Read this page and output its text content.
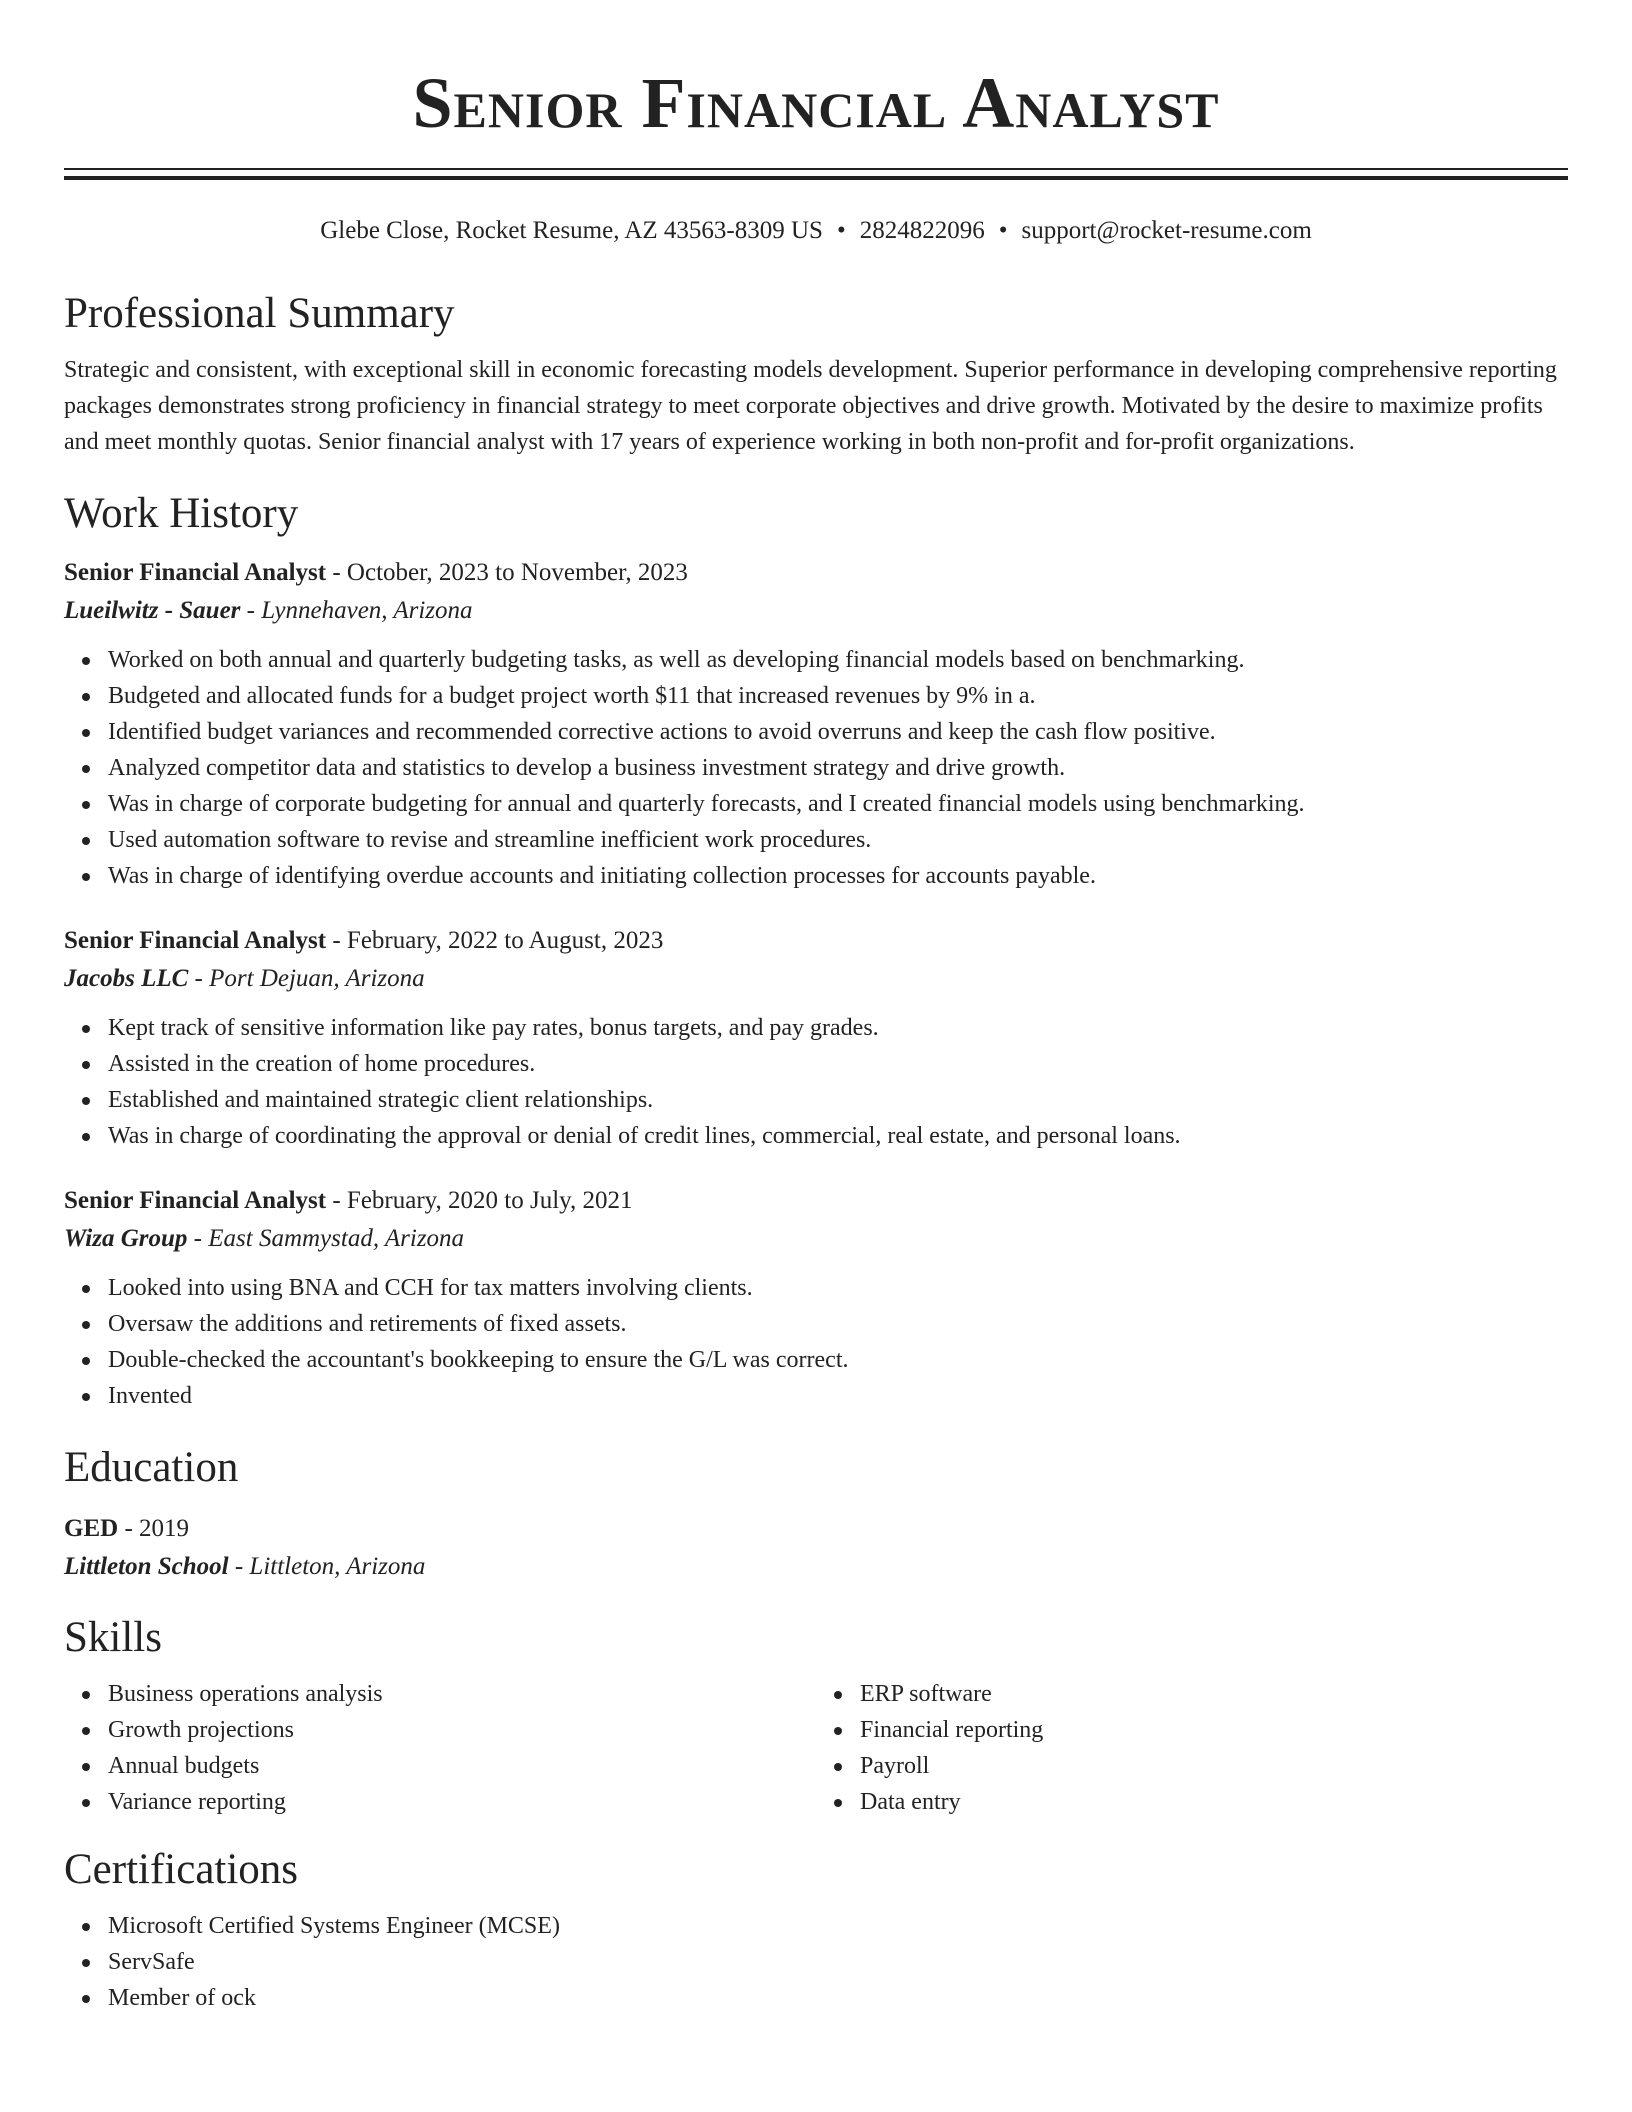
Senior Financial Analyst
Glebe Close, Rocket Resume, AZ 43563-8309 US • 2824822096 • support@rocket-resume.com
Professional Summary

Strategic and consistent, with exceptional skill in economic forecasting models development. Superior performance in developing comprehensive reporting packages demonstrates strong proficiency in financial strategy to meet corporate objectives and drive growth. Motivated by the desire to maximize profits and meet monthly quotas. Senior financial analyst with 17 years of experience working in both non-profit and for-profit organizations.

Work History
Senior Financial Analyst - October, 2023 to November, 2023
Lueilwitz - Sauer - Lynnehaven, Arizona
Worked on both annual and quarterly budgeting tasks, as well as developing financial models based on benchmarking.
Budgeted and allocated funds for a budget project worth $11 that increased revenues by 9% in a.
Identified budget variances and recommended corrective actions to avoid overruns and keep the cash flow positive.
Analyzed competitor data and statistics to develop a business investment strategy and drive growth.
Was in charge of corporate budgeting for annual and quarterly forecasts, and I created financial models using benchmarking.
Used automation software to revise and streamline inefficient work procedures.
Was in charge of identifying overdue accounts and initiating collection processes for accounts payable.
Senior Financial Analyst - February, 2022 to August, 2023
Jacobs LLC - Port Dejuan, Arizona
Kept track of sensitive information like pay rates, bonus targets, and pay grades.
Assisted in the creation of home procedures.
Established and maintained strategic client relationships.
Was in charge of coordinating the approval or denial of credit lines, commercial, real estate, and personal loans.
Senior Financial Analyst - February, 2020 to July, 2021
Wiza Group - East Sammystad, Arizona
Looked into using BNA and CCH for tax matters involving clients.
Oversaw the additions and retirements of fixed assets.
Double-checked the accountant's bookkeeping to ensure the G/L was correct.
Invented
Education
GED - 2019
Littleton School - Littleton, Arizona
Skills
Business operations analysis
Growth projections
Annual budgets
Variance reporting
ERP software
Financial reporting
Payroll
Data entry
Certifications
Microsoft Certified Systems Engineer (MCSE)
ServSafe
Member of ock
